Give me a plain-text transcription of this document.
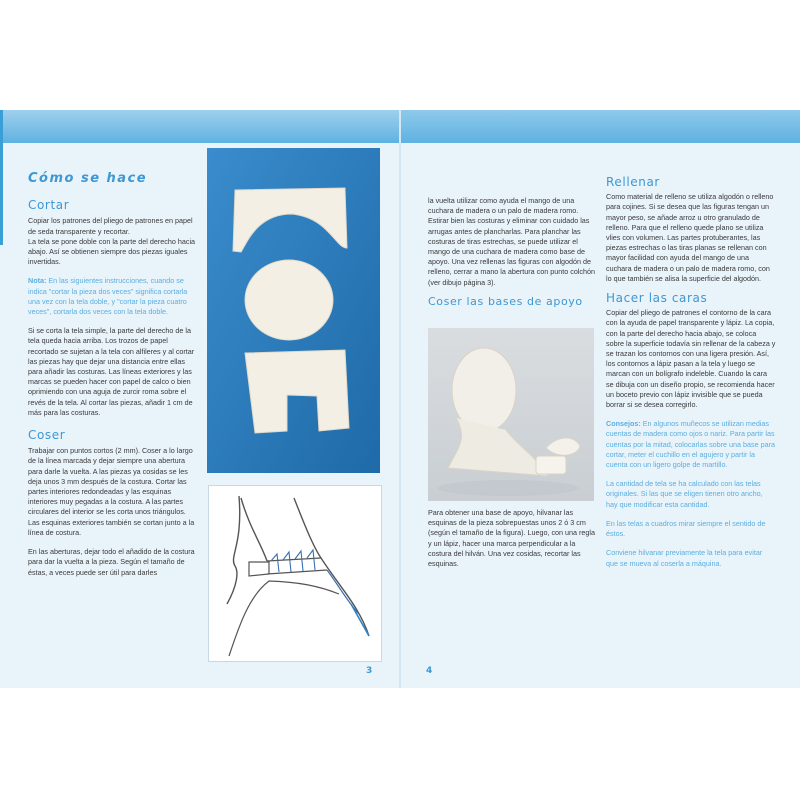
Cómo se hace
Cortar

Copiar los patrones del pliego de patrones en papel de seda transparente y recortar.

La tela se pone doble con la parte del derecho hacia abajo. Así se obtienen siempre dos piezas iguales invertidas.

Nota: En las siguientes instrucciones, cuando se indica "cortar la pieza dos veces" significa cortarla una vez con la tela doble, y "cortar la pieza cuatro veces", cortarla dos veces con la tela doble.

Si se corta la tela simple, la parte del derecho de la tela queda hacia arriba. Los trozos de papel recortado se sujetan a la tela con alfileres y al cortar las piezas hay que dejar una distancia entre ellas para añadir las costuras. Las líneas exteriores y las marcas se pueden hacer con papel de calco o bien oprimiendo con una aguja de zurcir roma sobre el revés de la tela. Al cortar las piezas, añadir 1 cm de más para las costuras.

Coser

Trabajar con puntos cortos (2 mm). Coser a lo largo de la línea marcada y dejar siempre una abertura para darle la vuelta. A las piezas ya cosidas se les deja unos 3 mm después de la costura. Cortar las partes interiores redondeadas y las esquinas interiores muy pegadas a la costura. A las partes circulares del interior se les corta unos triángulos. Las esquinas exteriores también se cortan junto a la línea de costura.

En las aberturas, dejar todo el añadido de la costura para dar la vuelta a la pieza. Según el tamaño de éstas, a veces puede ser útil para darles

la vuelta utilizar como ayuda el mango de una cuchara de madera o un palo de madera romo. Estirar bien las costuras y eliminar con cuidado las arrugas antes de plancharlas. Para planchar las costuras de tiras estrechas, se puede utilizar el mango de una cuchara de madera como base de apoyo. Una vez rellenas las figuras con algodón de relleno, cerrar a mano la abertura con punto colchón (ver dibujo página 3).

Coser las bases de apoyo

Para obtener una base de apoyo, hilvanar las esquinas de la pieza sobrepuestas unos 2 ó 3 cm (según el tamaño de la figura). Luego, con una regla y un lápiz, hacer una marca perpendicular a la costura del hilván. Una vez cosidas, recortar las esquinas.

Rellenar

Como material de relleno se utiliza algodón o relleno para cojines. Si se desea que las figuras tengan un mayor peso, se añade arroz u otro granulado de relleno. Para que el relleno quede plano se utiliza vlies con volumen. Las partes protuberantes, las piezas estrechas o las tiras planas se rellenan con mayor facilidad con ayuda del mango de una cuchara de madera o un palo de madera romo, con lo que también se alisa la superficie del algodón.

Hacer las caras

Copiar del pliego de patrones el contorno de la cara con la ayuda de papel transparente y lápiz. La copia, con la parte del derecho hacia abajo, se coloca sobre la superficie todavía sin rellenar de la cabeza y se trazan los contornos con una ligera presión. Así, los contornos a lápiz pasan a la tela y luego se marcan con un bolígrafo indeleble. Cuando la cara se dibuja con un diseño propio, se recomienda hacer un boceto previo con lápiz invisible que se pueda borrar si se desea corregirlo.

Consejos: En algunos muñecos se utilizan medias cuentas de madera como ojos o nariz. Para partir las cuentas por la mitad, colocarlas sobre una base para cortar, meter el cuchillo en el agujero y partir la cuenta con un ligero golpe de martillo.

La cantidad de tela se ha calculado con las telas originales. Si las que se eligen tienen otro ancho, hay que modificar esta cantidad.

En las telas a cuadros mirar siempre el sentido de éstos.

Conviene hilvanar previamente la tela para evitar que se mueva al coserla a máquina.

3	4
